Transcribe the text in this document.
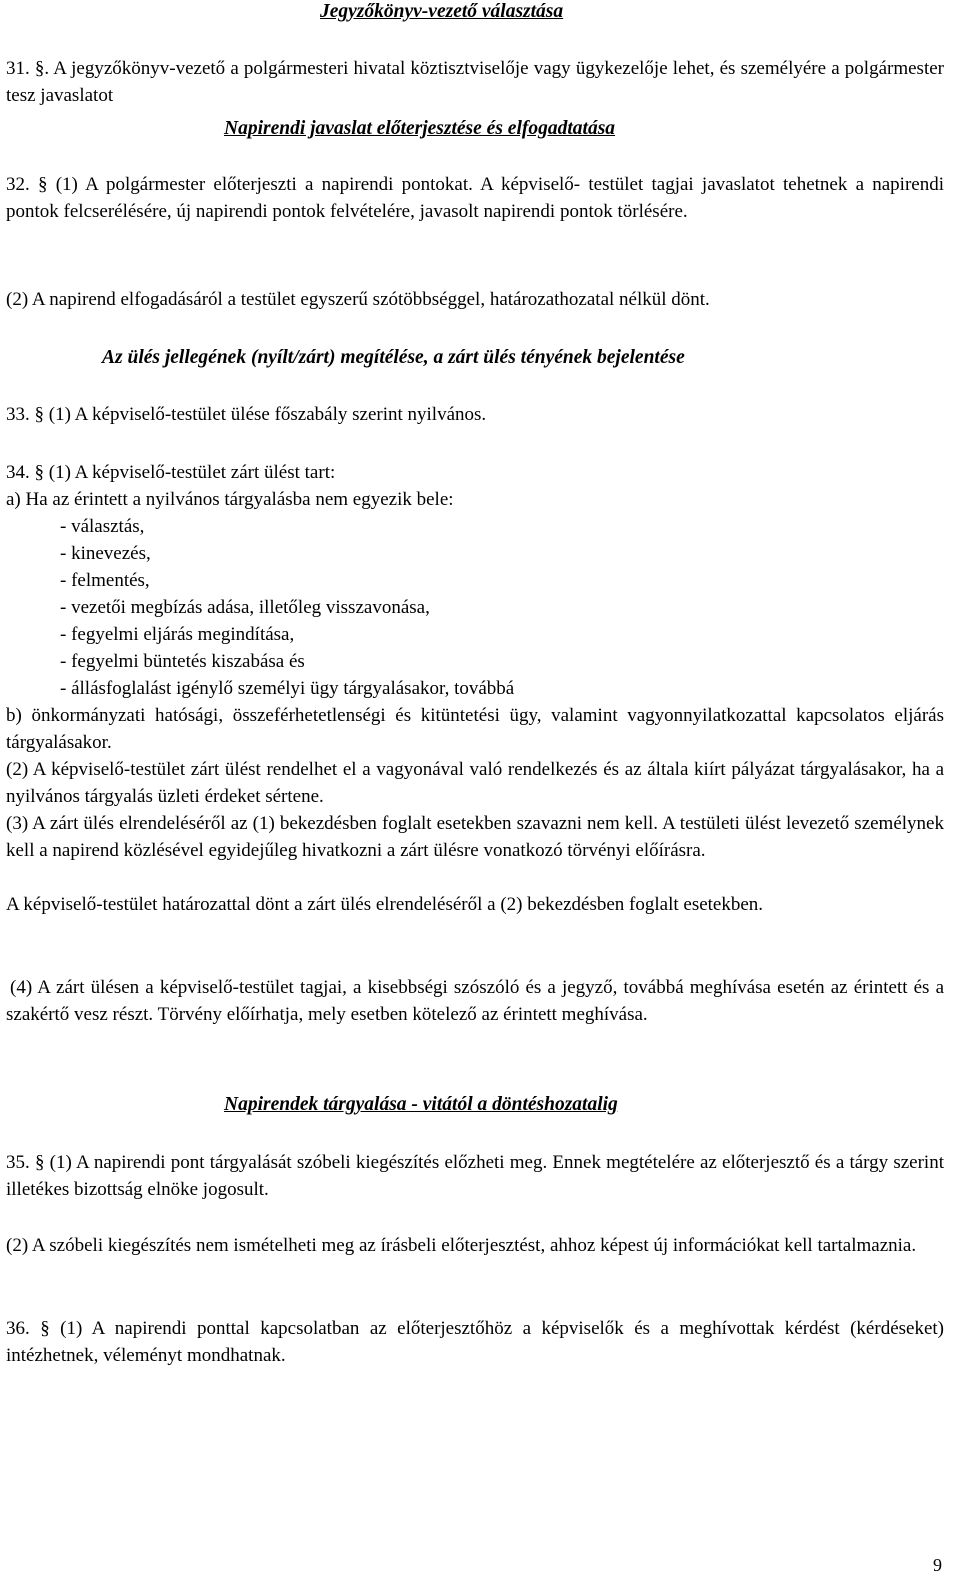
Jegyzőkönyv-vezető választása
31. §. A jegyzőkönyv-vezető a polgármesteri hivatal köztisztviselője vagy ügykezelője lehet, és személyére a polgármester tesz javaslatot
Napirendi javaslat előterjesztése és elfogadtatása
32. § (1) A polgármester előterjeszti a napirendi pontokat. A képviselő- testület tagjai javaslatot tehetnek a napirendi pontok felcserélésére, új napirendi pontok felvételére, javasolt napirendi pontok törlésére.
(2) A napirend elfogadásáról a testület egyszerű szótöbbséggel, határozathozatal nélkül dönt.
Az ülés jellegének (nyílt/zárt) megítélése, a zárt ülés tényének bejelentése
33. § (1) A képviselő-testület ülése főszabály szerint nyilvános.
34. § (1) A képviselő-testület zárt ülést tart:
a) Ha az érintett a nyilvános tárgyalásba nem egyezik bele:
- választás,
- kinevezés,
- felmentés,
- vezetői megbízás adása, illetőleg visszavonása,
- fegyelmi eljárás megindítása,
- fegyelmi büntetés kiszabása és
- állásfoglalást igénylő személyi ügy tárgyalásakor, továbbá
b) önkormányzati hatósági, összeférhetetlenségi és kitüntetési ügy, valamint vagyonnyilatkozattal kapcsolatos eljárás tárgyalásakor.
(2) A képviselő-testület zárt ülést rendelhet el a vagyonával való rendelkezés és az általa kiírt pályázat tárgyalásakor, ha a nyilvános tárgyalás üzleti érdeket sértene.
(3) A zárt ülés elrendeléséről az (1) bekezdésben foglalt esetekben szavazni nem kell. A testületi ülést levezető személynek kell a napirend közlésével egyidejűleg hivatkozni a zárt ülésre vonatkozó törvényi előírásra.
A képviselő-testület határozattal dönt a zárt ülés elrendeléséről a (2) bekezdésben foglalt esetekben.
(4) A zárt ülésen a képviselő-testület tagjai, a kisebbségi szószóló és a jegyző, továbbá meghívása esetén az érintett és a szakértő vesz részt. Törvény előírhatja, mely esetben kötelező az érintett meghívása.
Napirendek tárgyalása - vitától a döntéshozatalig
35. § (1) A napirendi pont tárgyalását szóbeli kiegészítés előzheti meg. Ennek megtételére az előterjesztő és a tárgy szerint illetékes bizottság elnöke jogosult.
(2) A szóbeli kiegészítés nem ismételheti meg az írásbeli előterjesztést, ahhoz képest új információkat kell tartalmaznia.
36. § (1) A napirendi ponttal kapcsolatban az előterjesztőhöz a képviselők és a meghívottak kérdést (kérdéseket) intézhetnek, véleményt mondhatnak.
9
